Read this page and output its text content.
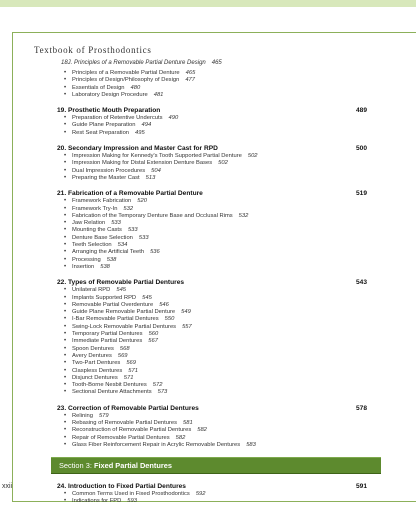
Textbook of Prosthodontics
xxii
18J. Principles of a Removable Partial Denture Design 465
• Principles of a Removable Partial Denture 465
• Principles of Design/Philosophy of Design 477
• Essentials of Design 480
• Laboratory Design Procedure 481
19. Prosthetic Mouth Preparation	489
• Preparation of Retentive Undercuts 490
• Guide Plane Preparation 494
• Rest Seat Preparation 495
20. Secondary Impression and Master Cast for RPD	500
• Impression Making for Kennedy's Tooth Supported Partial Denture 502
• Impression Making for Distal Extension Denture Bases 502
• Dual Impression Procedures 504
• Preparing the Master Cast 513
21. Fabrication of a Removable Partial Denture	519
• Framework Fabrication 520
• Framework Try-In 532
• Fabrication of the Temporary Denture Base and Occlusal Rims 532
• Jaw Relation 533
• Mounting the Casts 533
• Denture Base Selection 533
• Teeth Selection 534
• Arranging the Artificial Teeth 536
• Processing 538
• Insertion 538
22. Types of Removable Partial Dentures	543
• Unilateral RPD 545
• Implants Supported RPD 545
• Removable Partial Overdenture 546
• Guide Plane Removable Partial Denture 549
• I-Bar Removable Partial Dentures 550
• Swing-Lock Removable Partial Dentures 557
• Temporary Partial Dentures 560
• Immediate Partial Dentures 567
• Spoon Dentures 568
• Avery Dentures 569
• Two-Part Dentures 569
• Claspless Dentures 571
• Disjunct Dentures 571
• Tooth-Borne Nesbit Dentures 572
• Sectional Denture Attachments 573
23. Correction of Removable Partial Dentures	578
• Relining 579
• Rebasing of Removable Partial Dentures 581
• Reconstruction of Removable Partial Dentures 582
• Repair of Removable Partial Dentures 582
• Glass Fiber Reinforcement Repair in Acrylic Removable Dentures 583
Section 3: Fixed Partial Dentures
24. Introduction to Fixed Partial Dentures	591
• Common Terms Used in Fixed Prosthodontics 592
• Indications for FPD 593
